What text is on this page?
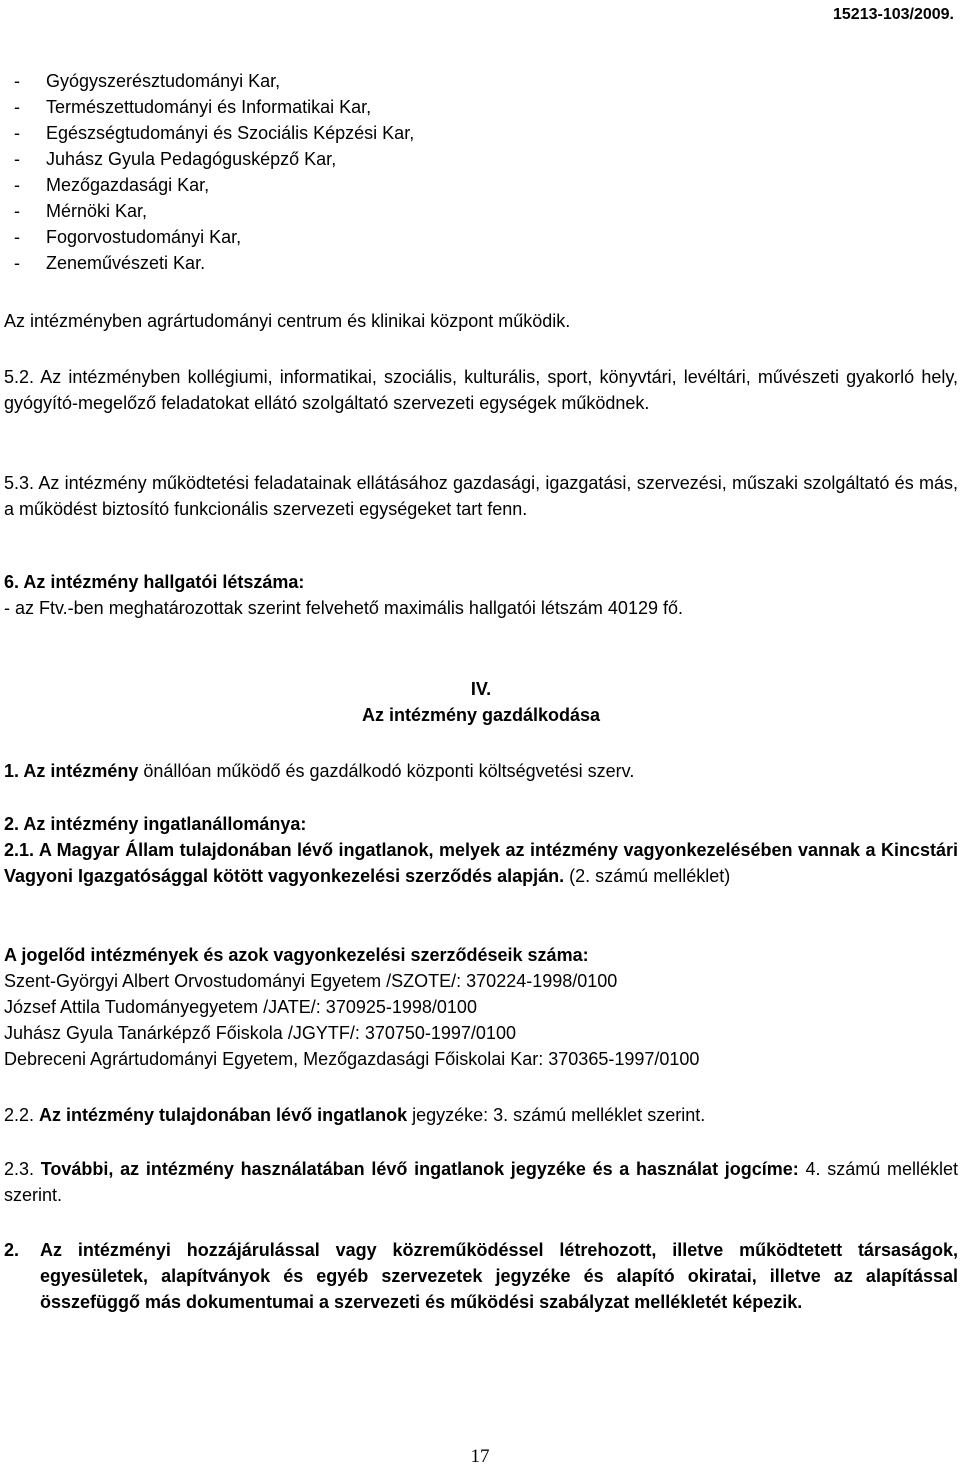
15213-103/2009.
- Gyógyszerésztudományi Kar,
- Természettudományi és Informatikai Kar,
- Egészségtudományi és Szociális Képzési Kar,
- Juhász Gyula Pedagógusképző Kar,
- Mezőgazdasági Kar,
- Mérnöki Kar,
- Fogorvostudományi Kar,
- Zeneművészeti Kar.
Az intézményben agrártudományi centrum és klinikai központ működik.
5.2. Az intézményben kollégiumi, informatikai, szociális, kulturális, sport, könyvtári, levéltári, művészeti gyakorló hely, gyógyító-megelőző feladatokat ellátó szolgáltató szervezeti egységek működnek.
5.3. Az intézmény működtetési feladatainak ellátásához gazdasági, igazgatási, szervezési, műszaki szolgáltató és más, a működést biztosító funkcionális szervezeti egységeket tart fenn.
6. Az intézmény hallgatói létszáma:
- az Ftv.-ben meghatározottak szerint felvehető maximális hallgatói létszám 40129 fő.
IV.
Az intézmény gazdálkodása
1. Az intézmény önállóan működő és gazdálkodó központi költségvetési szerv.
2. Az intézmény ingatlanállománya:
2.1. A Magyar Állam tulajdonában lévő ingatlanok, melyek az intézmény vagyonkezelésében vannak a Kincstári Vagyoni Igazgatósággal kötött vagyonkezelési szerződés alapján. (2. számú melléklet)
A jogelőd intézmények és azok vagyonkezelési szerződéseik száma:
Szent-Györgyi Albert Orvostudományi Egyetem /SZOTE/: 370224-1998/0100
József Attila Tudományegyetem /JATE/: 370925-1998/0100
Juhász Gyula Tanárképző Főiskola /JGYTF/: 370750-1997/0100
Debreceni Agrártudományi Egyetem, Mezőgazdasági Főiskolai Kar: 370365-1997/0100
2.2. Az intézmény tulajdonában lévő ingatlanok jegyzéke: 3. számú melléklet szerint.
2.3. További, az intézmény használatában lévő ingatlanok jegyzéke és a használat jogcíme: 4. számú melléklet szerint.
2.	Az intézményi hozzájárulással vagy közreműködéssel létrehozott, illetve működtetett társaságok, egyesületek, alapítványok és egyéb szervezetek jegyzéke és alapító okiratai, illetve az alapítással összefüggő más dokumentumai a szervezeti és működési szabályzat mellékletét képezik.
17
